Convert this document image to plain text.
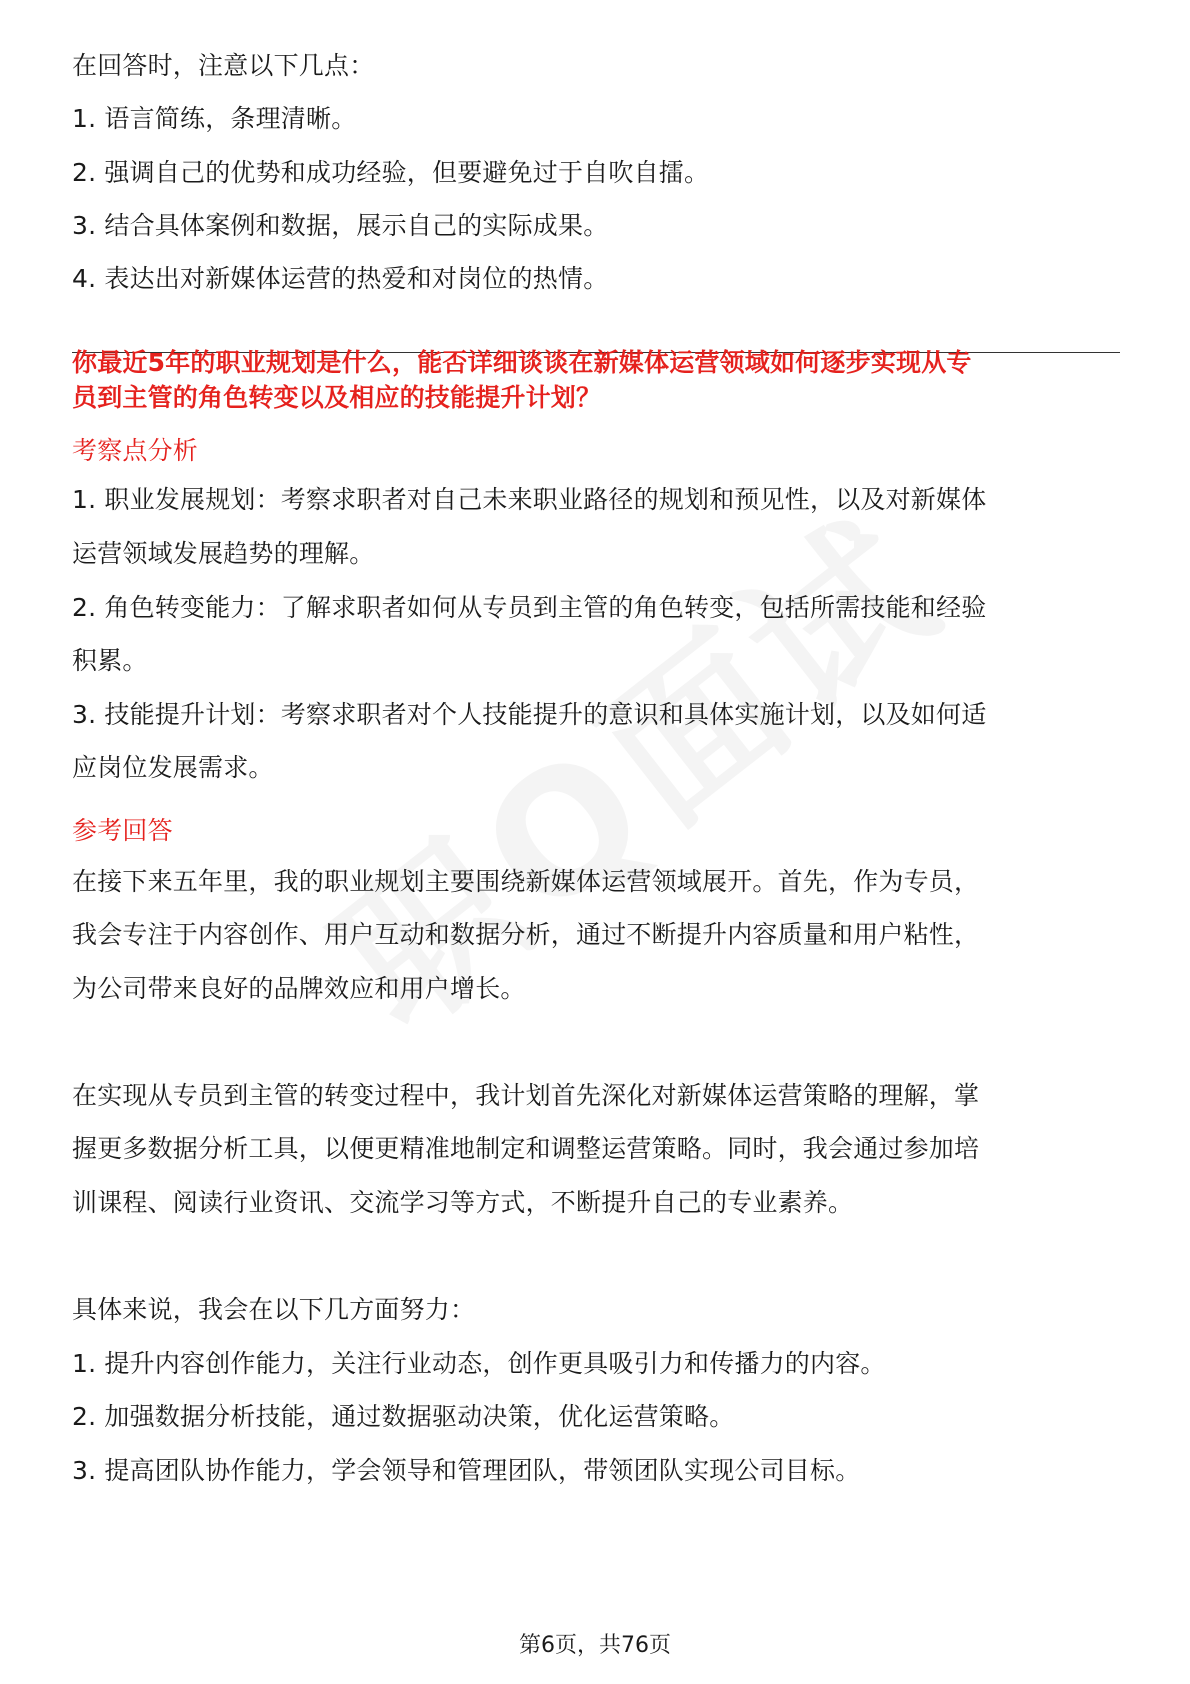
在回答时，注意以下几点：
1. 语言简练，条理清晰。
2. 强调自己的优势和成功经验，但要避免过于自吹自擂。
3. 结合具体案例和数据，展示自己的实际成果。
4. 表达出对新媒体运营的热爱和对岗位的热情。
你最近5年的职业规划是什么，能否详细谈谈在新媒体运营领域如何逐步实现从专
员到主管的角色转变以及相应的技能提升计划？
考察点分析
1. 职业发展规划：考察求职者对自己未来职业路径的规划和预见性，以及对新媒体
运营领域发展趋势的理解。
2. 角色转变能力：了解求职者如何从专员到主管的角色转变，包括所需技能和经验
积累。
3. 技能提升计划：考察求职者对个人技能提升的意识和具体实施计划，以及如何适
应岗位发展需求。
参考回答
在接下来五年里，我的职业规划主要围绕新媒体运营领域展开。首先，作为专员，
我会专注于内容创作、用户互动和数据分析，通过不断提升内容质量和用户粘性，
为公司带来良好的品牌效应和用户增长。
在实现从专员到主管的转变过程中，我计划首先深化对新媒体运营策略的理解，掌
握更多数据分析工具，以便更精准地制定和调整运营策略。同时，我会通过参加培
训课程、阅读行业资讯、交流学习等方式，不断提升自己的专业素养。
具体来说，我会在以下几方面努力：
1. 提升内容创作能力，关注行业动态，创作更具吸引力和传播力的内容。
2. 加强数据分析技能，通过数据驱动决策，优化运营策略。
3. 提高团队协作能力，学会领导和管理团队，带领团队实现公司目标。
第6页，共76页
